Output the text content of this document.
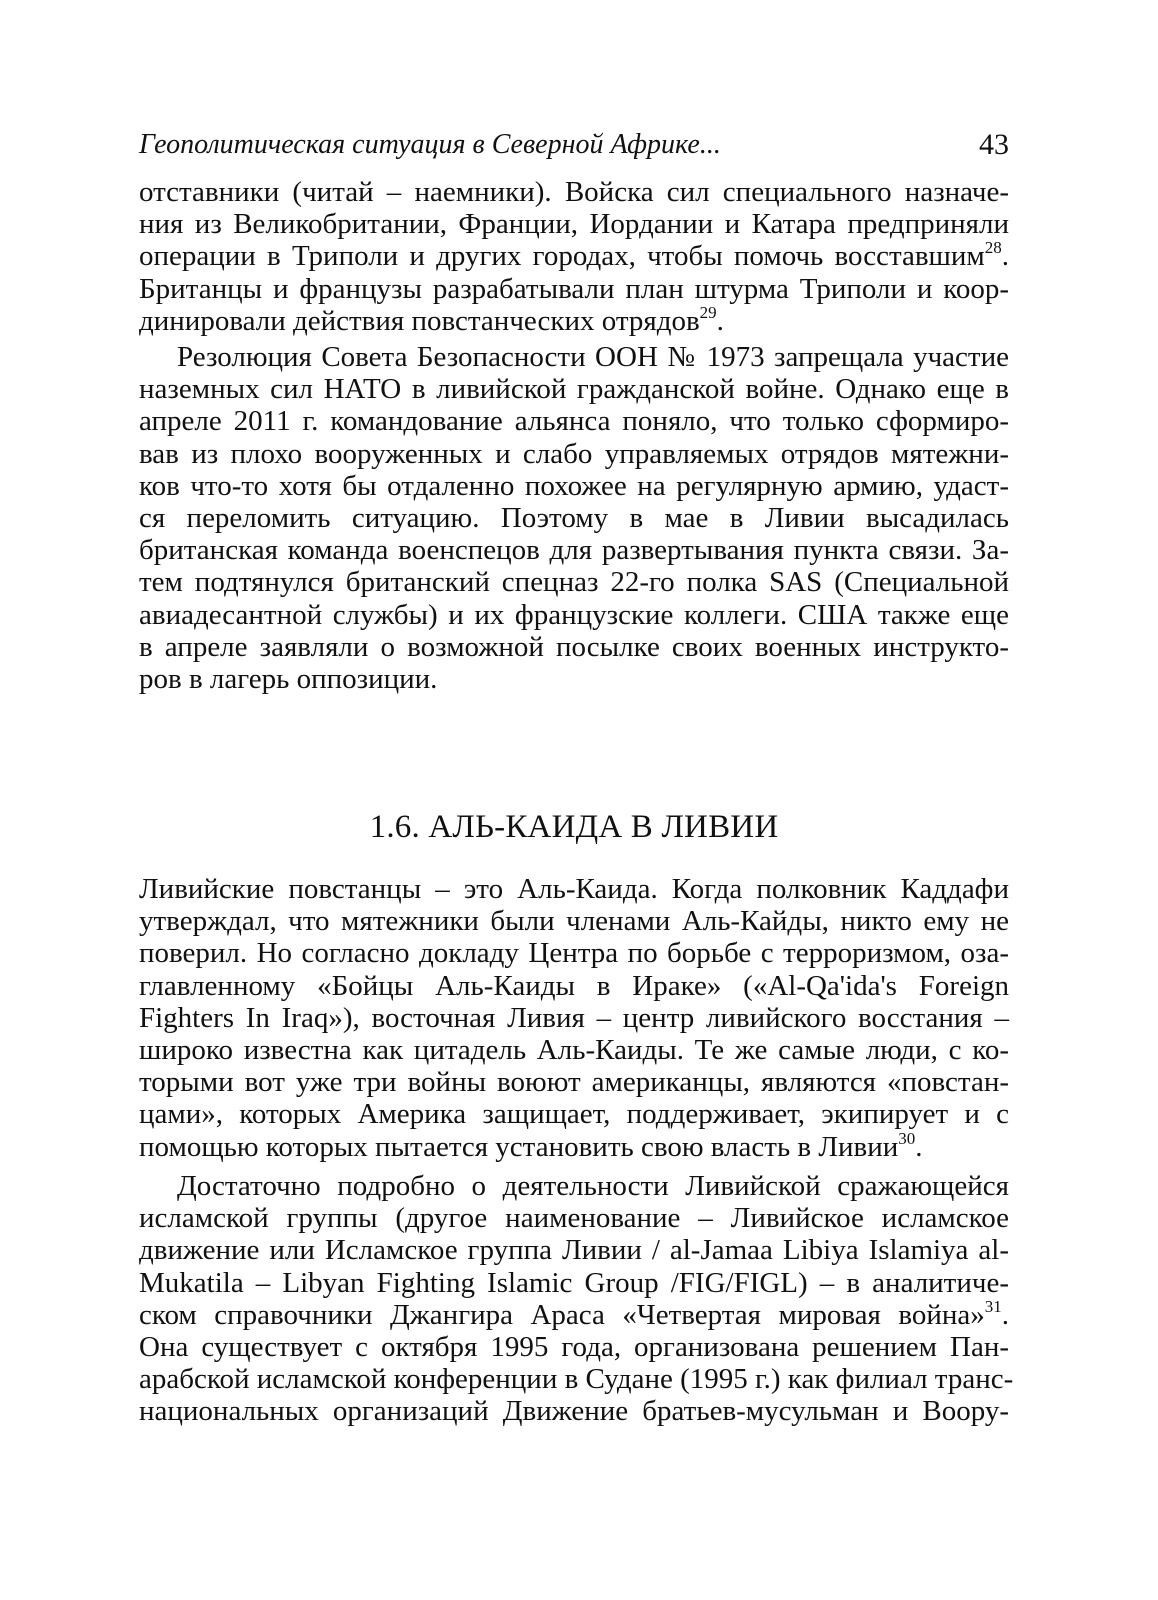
Геополитическая ситуация в Северной Африке...	43
отставники (читай – наемники). Войска сил специального назначе-
ния из Великобритании, Франции, Иордании и Катара предприняли
операции в Триполи и других городах, чтобы помочь восставшим$^{28}$.
Британцы и французы разрабатывали план штурма Триполи и коор-
динировали действия повстанческих отрядов$^{29}$.
Резолюция Совета Безопасности ООН № 1973 запрещала участие
наземных сил НАТО в ливийской гражданской войне. Однако еще в
апреле 2011 г. командование альянса поняло, что только сформиро-
вав из плохо вооруженных и слабо управляемых отрядов мятежни-
ков что-то хотя бы отдаленно похожее на регулярную армию, удаст-
ся переломить ситуацию. Поэтому в мае в Ливии высадилась
британская команда военспецов для развертывания пункта связи. За-
тем подтянулся британский спецназ 22-го полка SAS (Специальной
авиадесантной службы) и их французские коллеги. США также еще
в апреле заявляли о возможной посылке своих военных инструкто-
ров в лагерь оппозиции.
1.6. АЛЬ-КАИДА В ЛИВИИ
Ливийские повстанцы – это Аль-Каида. Когда полковник Каддафи
утверждал, что мятежники были членами Аль-Кайды, никто ему не
поверил. Но согласно докладу Центра по борьбе с терроризмом, оза-
главленному «Бойцы Аль-Каиды в Ираке» («Al-Qa'ida's Foreign
Fighters In Iraq»), восточная Ливия – центр ливийского восстания –
широко известна как цитадель Аль-Каиды. Те же самые люди, с ко-
торыми вот уже три войны воюют американцы, являются «повстан-
цами», которых Америка защищает, поддерживает, экипирует и с
помощью которых пытается установить свою власть в Ливии$^{30}$.
Достаточно подробно о деятельности Ливийской сражающейся
исламской группы (другое наименование – Ливийское исламское
движение или Исламское группа Ливии / al-Jamaa Libiya Islamiya al-
Mukatila – Libyan Fighting Islamic Group /FIG/FIGL) – в аналитиче-
ском справочники Джангира Араса «Четвертая мировая война»$^{31}$.
Она существует с октября 1995 года, организована решением Пан-
арабской исламской конференции в Судане (1995 г.) как филиал транс-
национальных организаций Движение братьев-мусульман и Воору-
